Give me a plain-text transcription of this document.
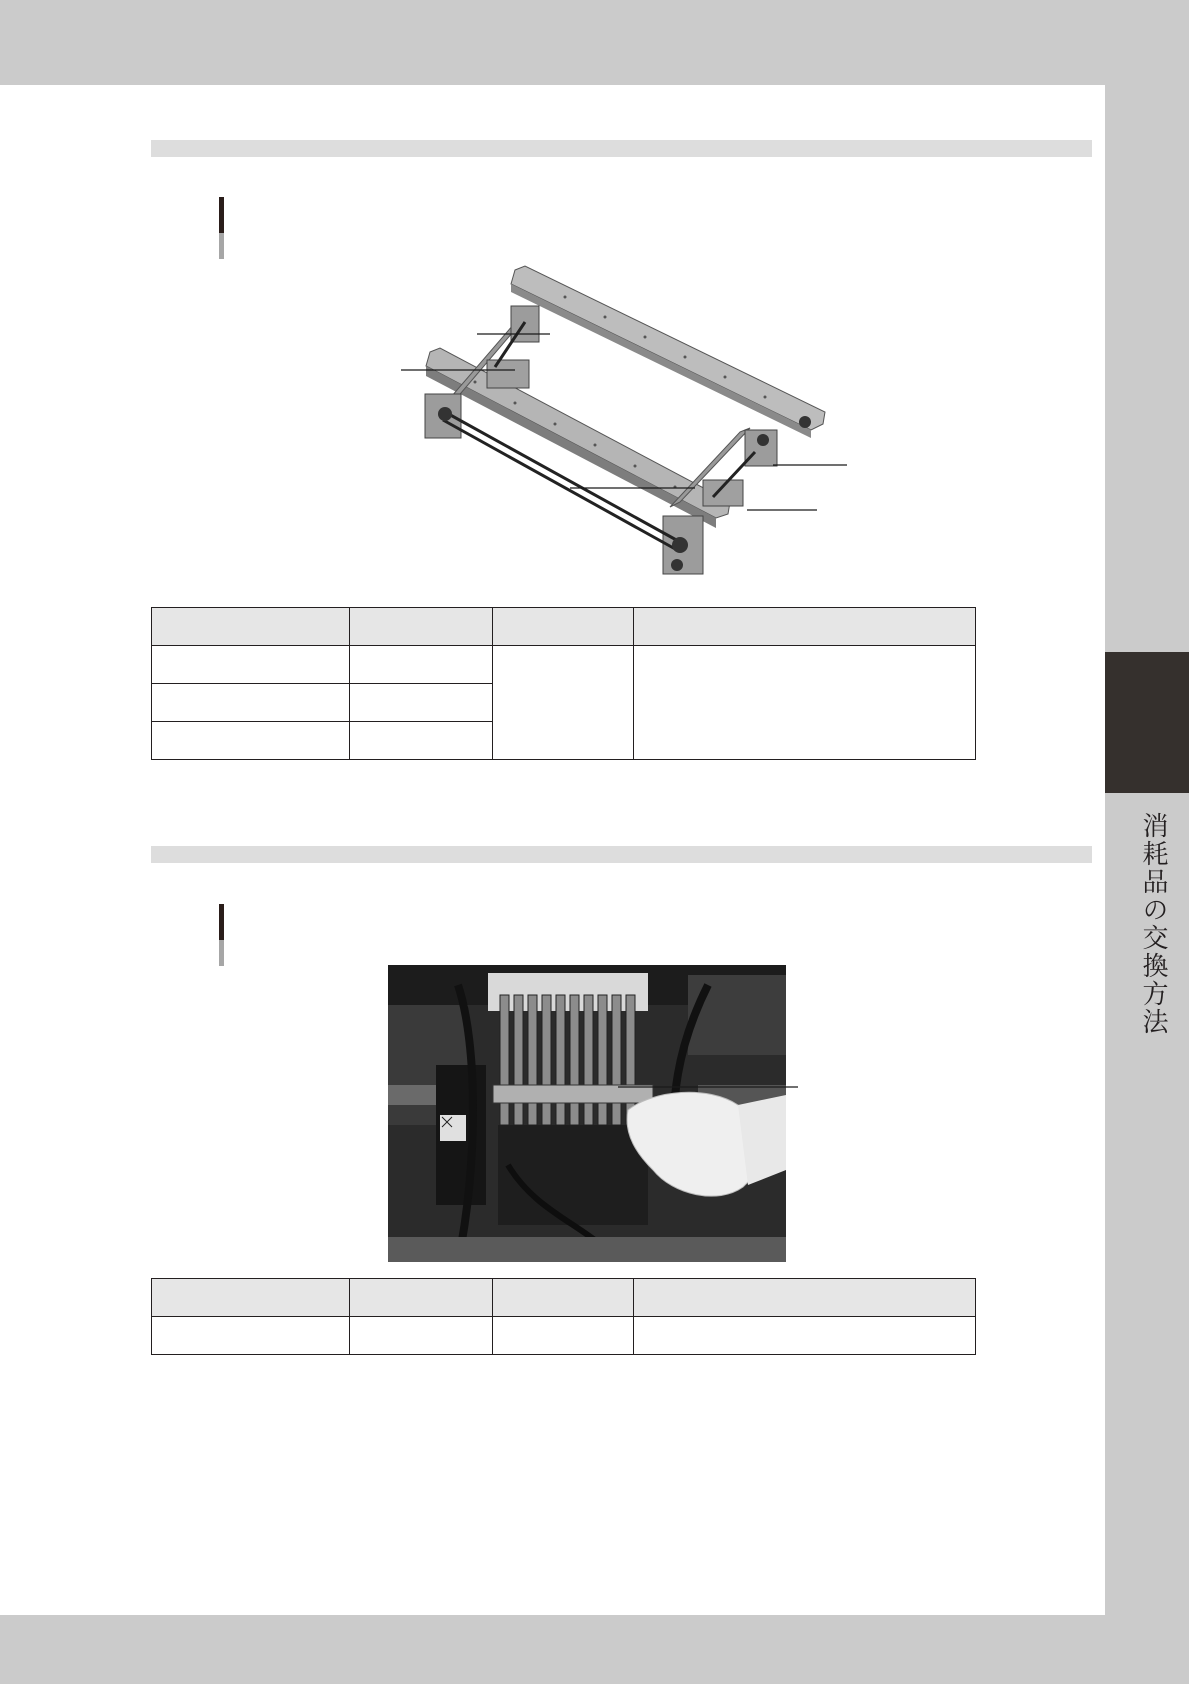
消耗品の交換方法
